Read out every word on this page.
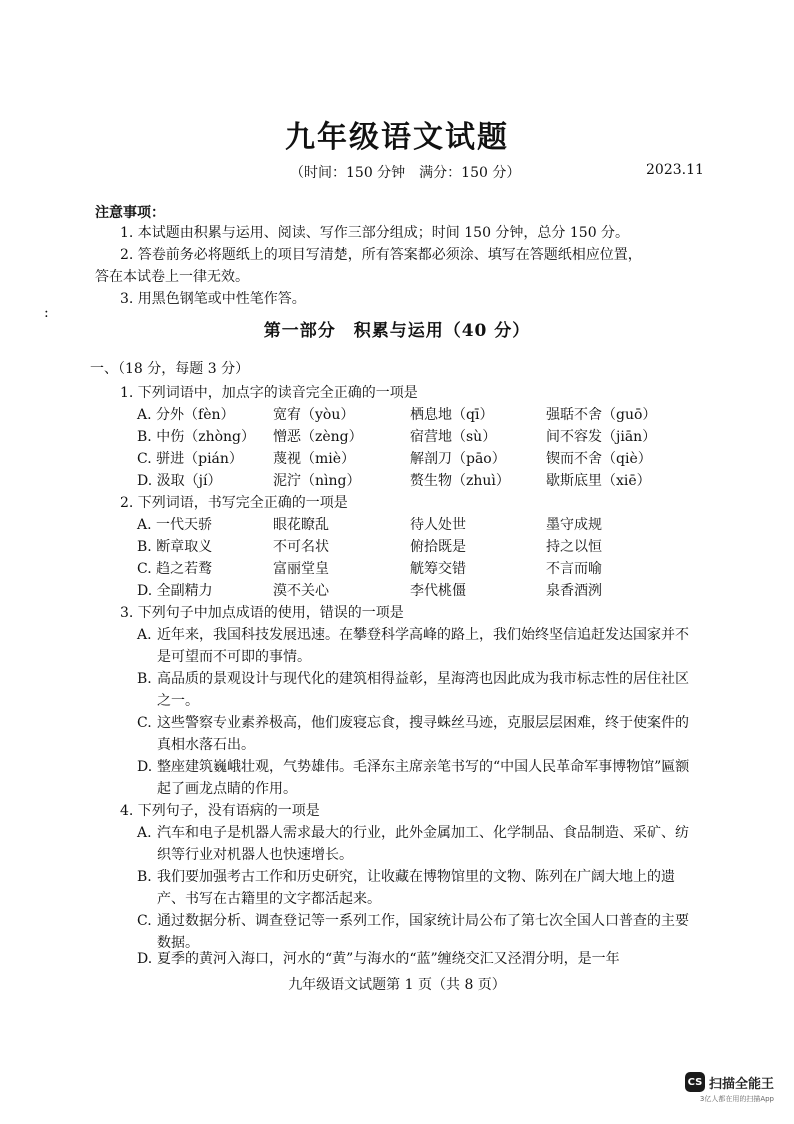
九年级语文试题
（时间：150 分钟　满分：150 分）	2023.11
注意事项：
1. 本试题由积累与运用、阅读、写作三部分组成；时间 150 分钟，总分 150 分。
2. 答卷前务必将题纸上的项目写清楚，所有答案都必须涂、填写在答题纸相应位置，
答在本试卷上一律无效。
3. 用黑色钢笔或中性笔作答。
:
第一部分　积累与运用（40 分）
一、（18 分，每题 3 分）
1. 下列词语中，加点字的读音完全正确的一项是
A. 分外（fèn）	宽宥（yòu）	栖息地（qī）	强聒不舍（guō）
B. 中伤（zhòng） 憎恶（zèng）	宿营地（sù）	间不容发（jiān）
C. 骈进（pián） 蔑视（miè）	解剖刀（pāo）	锲而不舍（qiè）
D. 汲取（jí）	泥泞（nìng）	赘生物（zhuì）	歇斯底里（xiē）
2. 下列词语，书写完全正确的一项是
A. 一代天骄	眼花瞭乱	待人处世	墨守成规
B. 断章取义	不可名状	俯拾既是	持之以恒
C. 趋之若鹜	富丽堂皇	觥筹交错	不言而喻
D. 全副精力	漠不关心	李代桃僵	泉香酒洌
3. 下列句子中加点成语的使用，错误的一项是
A. 近年来，我国科技发展迅速。在攀登科学高峰的路上，我们始终坚信追赶发达国家并不是可望而不可即的事情。
B. 高品质的景观设计与现代化的建筑相得益彰，星海湾也因此成为我市标志性的居住社区之一。
C. 这些警察专业素养极高，他们废寝忘食，搜寻蛛丝马迹，克服层层困难，终于使案件的真相水落石出。
D. 整座建筑巍峨壮观，气势雄伟。毛泽东主席亲笔书写的“中国人民革命军事博物馆”匾额起了画龙点睛的作用。
4. 下列句子，没有语病的一项是
A. 汽车和电子是机器人需求最大的行业，此外金属加工、化学制品、食品制造、采矿、纺织等行业对机器人也快速增长。
B. 我们要加强考古工作和历史研究，让收藏在博物馆里的文物、陈列在广阔大地上的遗产、书写在古籍里的文字都活起来。
C. 通过数据分析、调查登记等一系列工作，国家统计局公布了第七次全国人口普查的主要数据。
D. 夏季的黄河入海口，河水的“黄”与海水的“蓝”缠绕交汇又泾渭分明，是一年
九年级语文试题第 1 页（共 8 页）
CS 扫描全能王
3亿人都在用的扫描App
